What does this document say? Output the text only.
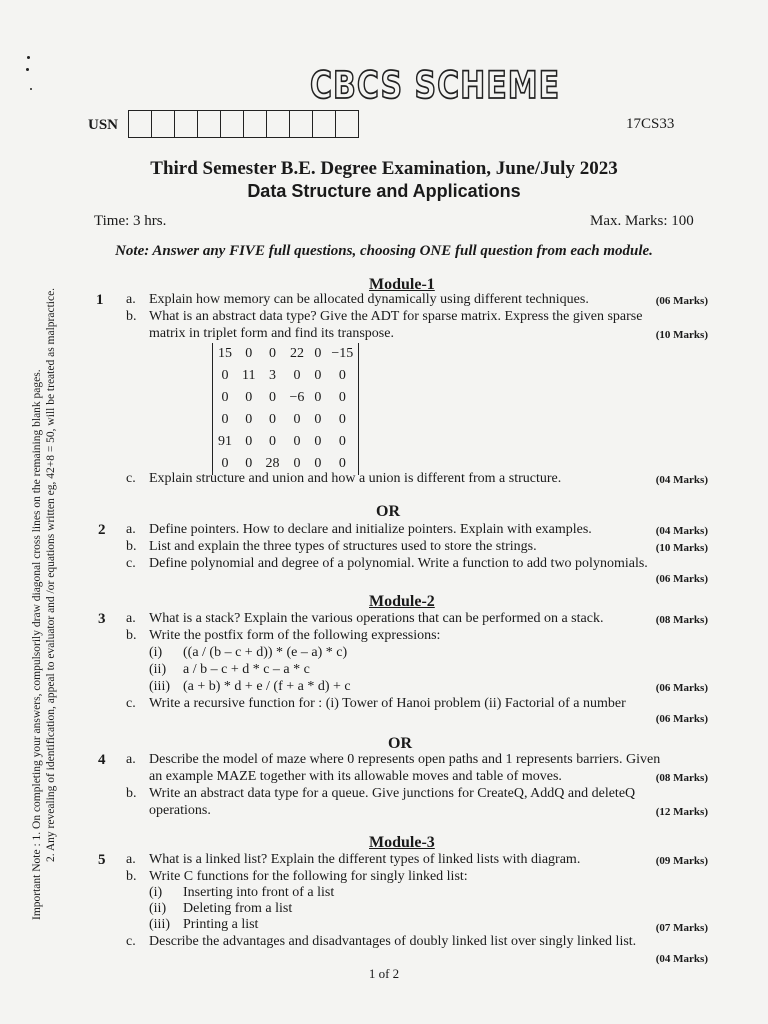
Important Note : 1. On completing your answers, compulsorily draw diagonal cross lines on the remaining blank pages. 2. Any revealing of identification, appeal to evaluator and /or equations written eg, 42+8 = 50, will be treated as malpractice.
CBCS SCHEME
USN	17CS33
Third Semester B.E. Degree Examination, June/July 2023
Data Structure and Applications
Time: 3 hrs.	Max. Marks: 100
Note: Answer any FIVE full questions, choosing ONE full question from each module.
Module-1
1 a. Explain how memory can be allocated dynamically using different techniques.	(06 Marks)
b. What is an abstract data type? Give the ADT for sparse matrix. Express the given sparse
matrix in triplet form and find its transpose.	(10 Marks)
15	0	0	22	0	−15
0	11	3	0	0	0
0	0	0	−6	0	0
0	0	0	0	0	0
91	0	0	0	0	0
0	0	28	0	0	0
c. Explain structure and union and how a union is different from a structure.	(04 Marks)
OR
2 a. Define pointers. How to declare and initialize pointers. Explain with examples.	(04 Marks)
b. List and explain the three types of structures used to store the strings.	(10 Marks)
c. Define polynomial and degree of a polynomial. Write a function to add two polynomials.
(06 Marks)
Module-2
3 a. What is a stack? Explain the various operations that can be performed on a stack.	(08 Marks)
b. Write the postfix form of the following expressions:
(i) ((a / (b – c + d)) * (e – a) * c)
(ii) a / b – c + d * c – a * c
(iii) (a + b) * d + e / (f + a * d) + c	(06 Marks)
c. Write a recursive function for : (i) Tower of Hanoi problem (ii) Factorial of a number
(06 Marks)
OR
4 a. Describe the model of maze where 0 represents open paths and 1 represents barriers. Given
an example MAZE together with its allowable moves and table of moves.	(08 Marks)
b. Write an abstract data type for a queue. Give junctions for CreateQ, AddQ and deleteQ
operations.	(12 Marks)
Module-3
5 a. What is a linked list? Explain the different types of linked lists with diagram.	(09 Marks)
b. Write C functions for the following for singly linked list:
(i) Inserting into front of a list
(ii) Deleting from a list
(iii) Printing a list	(07 Marks)
c. Describe the advantages and disadvantages of doubly linked list over singly linked list.
(04 Marks)
1 of 2
